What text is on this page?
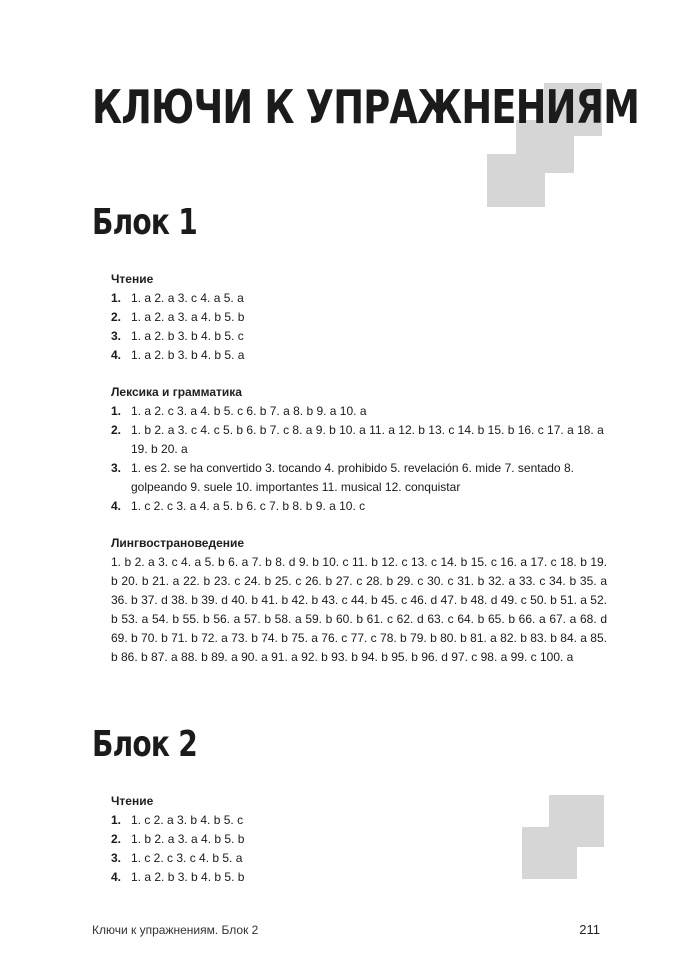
КЛЮЧИ К УПРАЖНЕНИЯМ
Блок 1
Чтение
1. 1. a 2. a 3. c 4. a 5. a
2. 1. a 2. a 3. a 4. b 5. b
3. 1. a 2. b 3. b 4. b 5. c
4. 1. a 2. b 3. b 4. b 5. a
Лексика и грамматика
1. 1. a 2. c 3. a 4. b 5. c 6. b 7. a 8. b 9. a 10. a
2. 1. b 2. a 3. c 4. c 5. b 6. b 7. c 8. a 9. b 10. a 11. a 12. b 13. c 14. b 15. b 16. c 17. a 18. a 19. b 20. a
3. 1. es 2. se ha convertido 3. tocando 4. prohibido 5. revelación 6. mide 7. sentado 8. golpeando 9. suele 10. importantes 11. musical 12. conquistar
4. 1. c 2. c 3. a 4. a 5. b 6. c 7. b 8. b 9. a 10. c
Лингвострановедение
1. b 2. a 3. c 4. a 5. b 6. a 7. b 8. d 9. b 10. c 11. b 12. c 13. c 14. b 15. c 16. a 17. c 18. b 19. b 20. b 21. a 22. b 23. c 24. b 25. c 26. b 27. c 28. b 29. c 30. c 31. b 32. a 33. c 34. b 35. a 36. b 37. d 38. b 39. d 40. b 41. b 42. b 43. c 44. b 45. c 46. d 47. b 48. d 49. c 50. b 51. a 52. b 53. a 54. b 55. b 56. a 57. b 58. a 59. b 60. b 61. c 62. d 63. c 64. b 65. b 66. a 67. a 68. d 69. b 70. b 71. b 72. a 73. b 74. b 75. a 76. c 77. c 78. b 79. b 80. b 81. a 82. b 83. b 84. a 85. b 86. b 87. a 88. b 89. a 90. a 91. a 92. b 93. b 94. b 95. b 96. d 97. c 98. a 99. c 100. a
Блок 2
Чтение
1. 1. c 2. a 3. b 4. b 5. c
2. 1. b 2. a 3. a 4. b 5. b
3. 1. c 2. c 3. c 4. b 5. a
4. 1. a 2. b 3. b 4. b 5. b
Ключи к упражнениям. Блок 2	211
